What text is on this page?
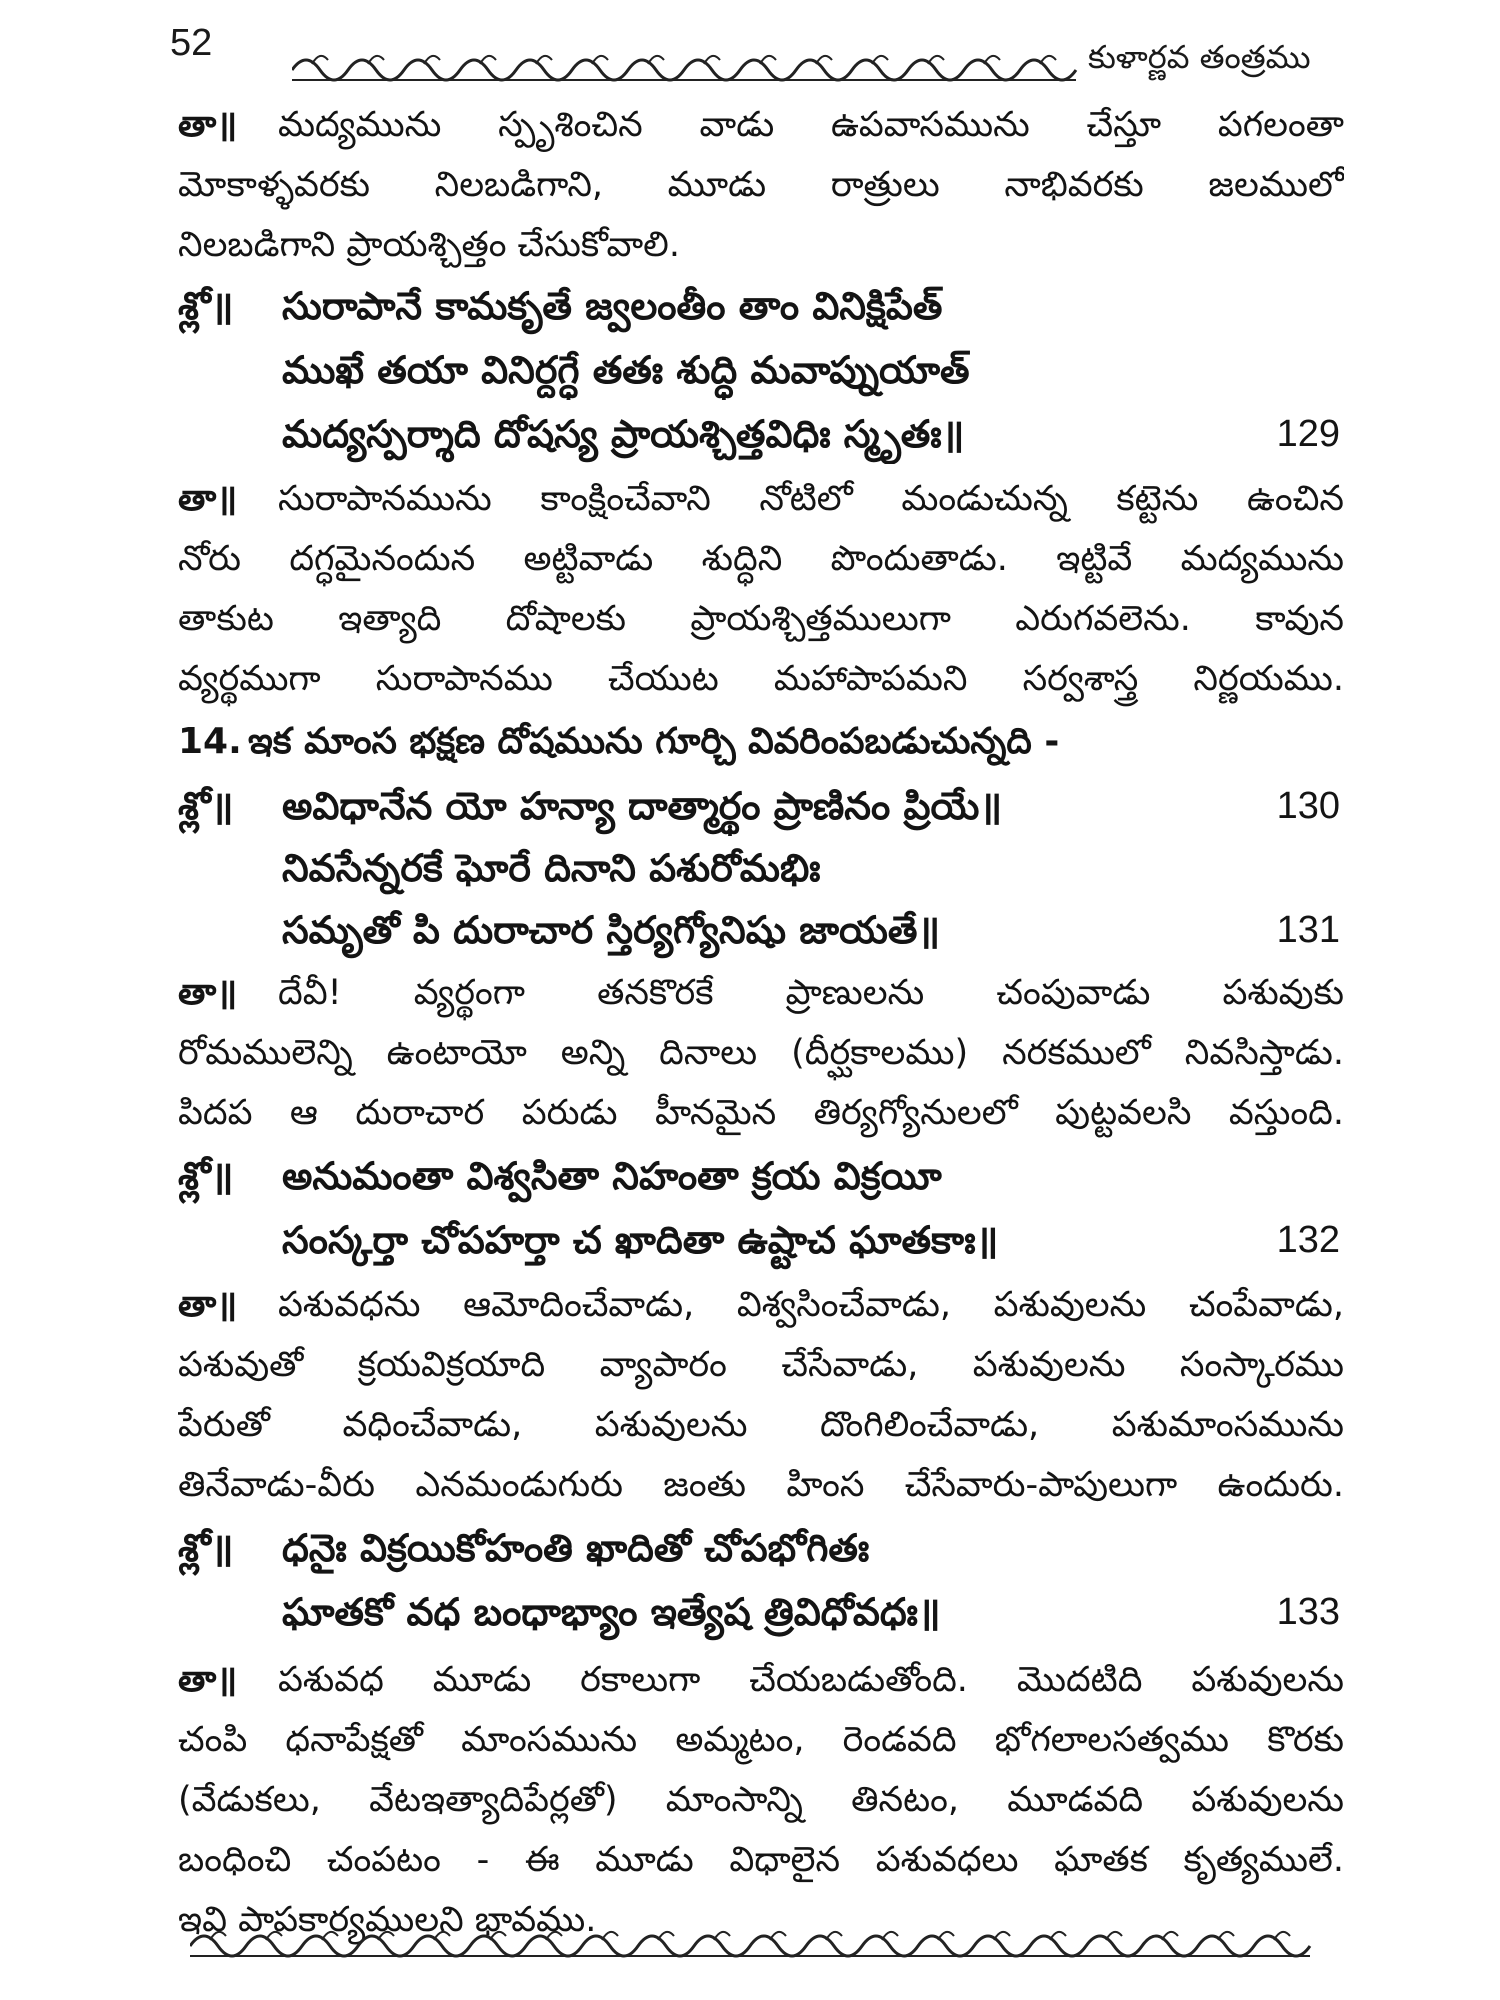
52	కుళార్ణవ తంత్రము
తా॥ మద్యమును స్పృశించిన వాడు ఉపవాసమును చేస్తూ పగలంతా
మోకాళ్ళవరకు నిలబడిగాని, మూడు రాత్రులు నాభివరకు జలములో
నిలబడిగాని ప్రాయశ్చిత్తం చేసుకోవాలి.
శ్లో॥ సురాపానే కామకృతే జ్వలంతీం తాం వినిక్షిపేత్
ముఖే తయా వినిర్దగ్ధే తతః శుద్ధి మవాప్నుయాత్
మద్యస్పర్శాది దోషస్య ప్రాయశ్చిత్తవిధిః స్మృతః॥	129
తా॥ సురాపానమును కాంక్షించేవాని నోటిలో మండుచున్న కట్టెను ఉంచిన
నోరు దగ్ధమైనందున అట్టివాడు శుద్ధిని పొందుతాడు. ఇట్టివే మద్యమును
తాకుట ఇత్యాది దోషాలకు ప్రాయశ్చిత్తములుగా ఎరుగవలెను. కావున
వ్యర్థముగా సురాపానము చేయుట మహాపాపమని సర్వశాస్త్ర నిర్ణయము.
14. ఇక మాంస భక్షణ దోషమును గూర్చి వివరింపబడుచున్నది -
శ్లో॥ అవిధానేన యో హన్యా దాత్మార్థం ప్రాణినం ప్రియే॥	130
నివసేన్నరకే ఘోరే దినాని పశురోమభిః
సమృతో పి దురాచార స్తిర్యగ్యోనిషు జాయతే॥	131
తా॥ దేవీ! వ్యర్థంగా తనకొరకే ప్రాణులను చంపువాడు పశువుకు
రోమములెన్ని ఉంటాయో అన్ని దినాలు (దీర్ఘకాలము) నరకములో నివసిస్తాడు.
పిదప ఆ దురాచార పరుడు హీనమైన తిర్యగ్యోనులలో పుట్టవలసి వస్తుంది.
శ్లో॥ అనుమంతా విశ్వసితా నిహంతా క్రయ విక్రయీ
సంస్కర్తా చోపహర్తా చ ఖాదితా ఉష్టాచ ఘాతకాః॥	132
తా॥ పశువధను ఆమోదించేవాడు, విశ్వసించేవాడు, పశువులను చంపేవాడు,
పశువుతో క్రయవిక్రయాది వ్యాపారం చేసేవాడు, పశువులను సంస్కారము
పేరుతో వధించేవాడు, పశువులను దొంగిలించేవాడు, పశుమాంసమును
తినేవాడు-వీరు ఎనమండుగురు జంతు హింస చేసేవారు-పాపులుగా ఉందురు.
శ్లో॥ ధనైః విక్రయికోహంతి ఖాదితో చోపభోగితః
ఘాతకో వధ బంధాభ్యాం ఇత్యేష త్రివిధోవధః॥	133
తా॥ పశువధ మూడు రకాలుగా చేయబడుతోంది. మొదటిది పశువులను
చంపి ధనాపేక్షతో మాంసమును అమ్మటం, రెండవది భోగలాలసత్వము కొరకు
(వేడుకలు, వేటఇత్యాదిపేర్లతో) మాంసాన్ని తినటం, మూడవది పశువులను
బంధించి చంపటం - ఈ మూడు విధాలైన పశువధలు ఘాతక కృత్యములే.
ఇవి పాపకార్యములని భావము.
